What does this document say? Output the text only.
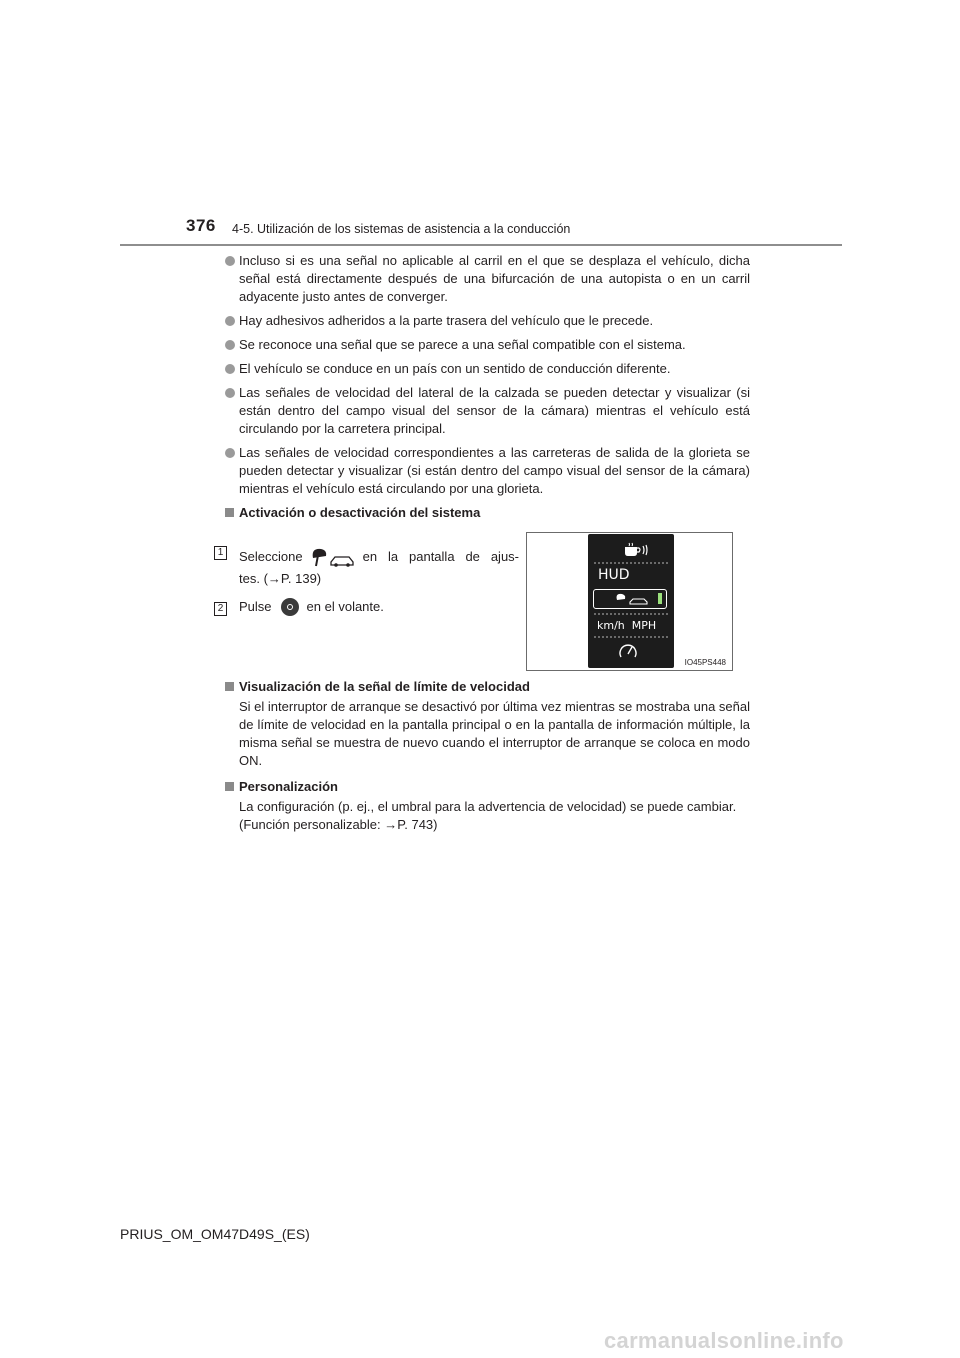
376 4-5. Utilización de los sistemas de asistencia a la conducción
Incluso si es una señal no aplicable al carril en el que se desplaza el vehículo, dicha señal está directamente después de una bifurcación de una autopista o en un carril adyacente justo antes de converger.
Hay adhesivos adheridos a la parte trasera del vehículo que le precede.
Se reconoce una señal que se parece a una señal compatible con el sistema.
El vehículo se conduce en un país con un sentido de conducción diferente.
Las señales de velocidad del lateral de la calzada se pueden detectar y visualizar (si están dentro del campo visual del sensor de la cámara) mientras el vehículo está circulando por la carretera principal.
Las señales de velocidad correspondientes a las carreteras de salida de la glorieta se pueden detectar y visualizar (si están dentro del campo visual del sensor de la cámara) mientras el vehículo está circulando por una glorieta.

Activación o desactivación del sistema

1 Seleccione	en la pantalla de ajus-
tes. (→P. 139)
2 Pulse	en el volante.
HUD
km/h  MPH
IO45PS448

Visualización de la señal de límite de velocidad

Si el interruptor de arranque se desactivó por última vez mientras se mostraba una señal de límite de velocidad en la pantalla principal o en la pantalla de información múltiple, la misma señal se muestra de nuevo cuando el interruptor de arranque se coloca en modo ON.

Personalización

La configuración (p. ej., el umbral para la advertencia de velocidad) se puede cambiar.

(Función personalizable: →P. 743)

PRIUS_OM_OM47D49S_(ES)
carmanualsonline.info
